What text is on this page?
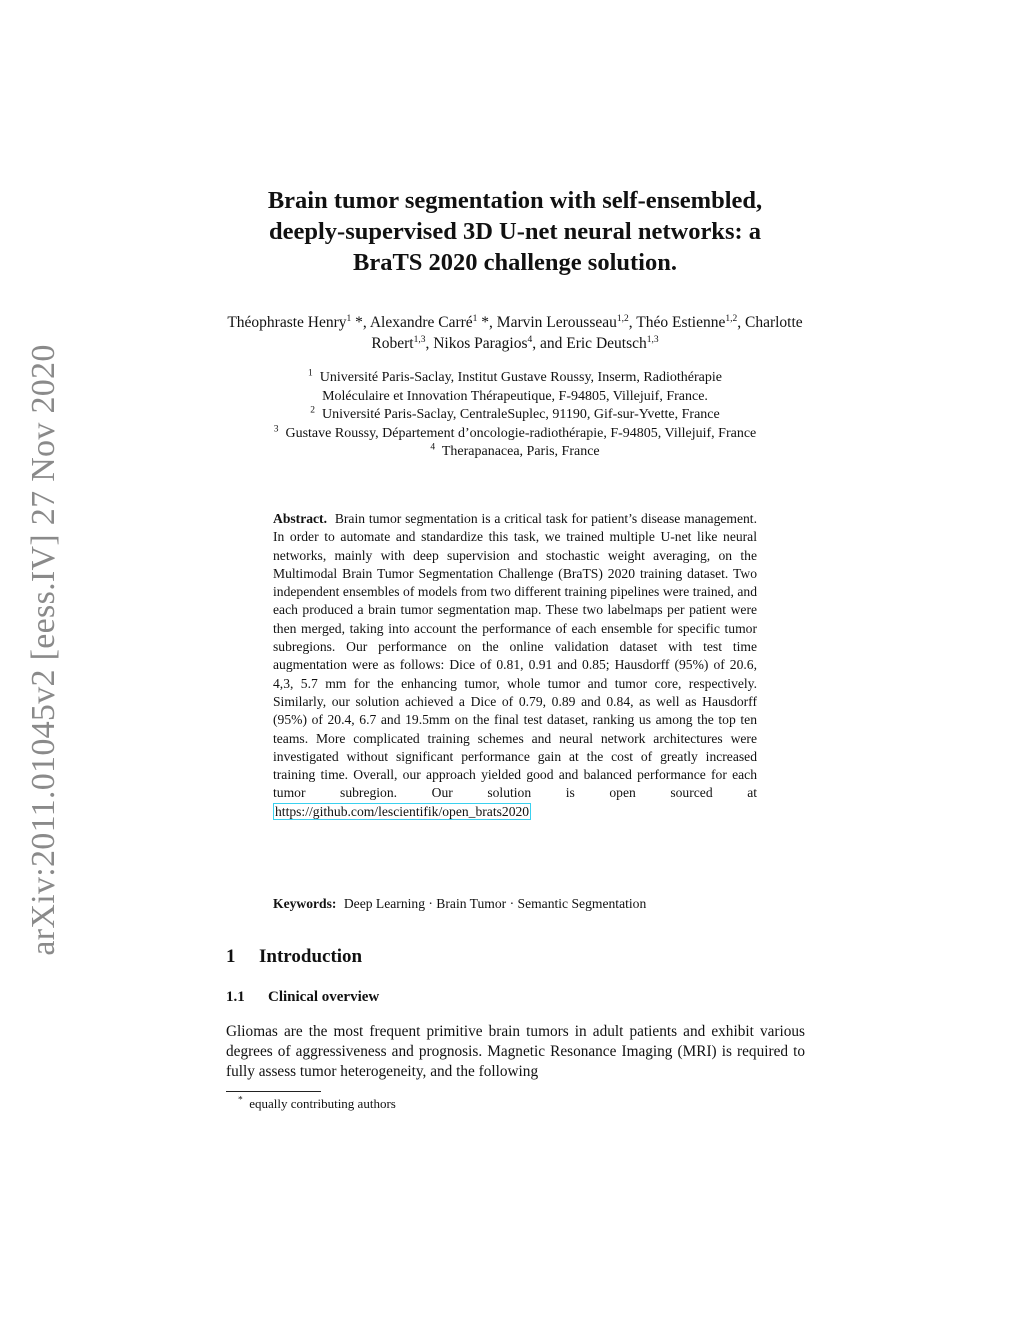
arXiv:2011.01045v2 [eess.IV] 27 Nov 2020
Brain tumor segmentation with self-ensembled,
deeply-supervised 3D U-net neural networks: a
BraTS 2020 challenge solution.
Théophraste Henry$^1$ *, Alexandre Carré$^1$ *, Marvin Lerousseau$^{1,2}$, Théo Estienne$^{1,2}$, Charlotte Robert$^{1,3}$, Nikos Paragios$^4$, and Eric Deutsch$^{1,3}$
$^1$ Université Paris-Saclay, Institut Gustave Roussy, Inserm, Radiothérapie
Moléculaire et Innovation Thérapeutique, F-94805, Villejuif, France.
$^2$ Université Paris-Saclay, CentraleSuplec, 91190, Gif-sur-Yvette, France
$^3$ Gustave Roussy, Département d’oncologie-radiothérapie, F-94805, Villejuif, France
$^4$ Therapanacea, Paris, France
Abstract. Brain tumor segmentation is a critical task for patient’s disease management. In order to automate and standardize this task, we trained multiple U-net like neural networks, mainly with deep supervision and stochastic weight averaging, on the Multimodal Brain Tumor Segmentation Challenge (BraTS) 2020 training dataset. Two independent ensembles of models from two different training pipelines were trained, and each produced a brain tumor segmentation map. These two labelmaps per patient were then merged, taking into account the performance of each ensemble for specific tumor subregions. Our performance on the online validation dataset with test time augmentation were as follows: Dice of 0.81, 0.91 and 0.85; Hausdorff (95%) of 20.6, 4,3, 5.7 mm for the enhancing tumor, whole tumor and tumor core, respectively. Similarly, our solution achieved a Dice of 0.79, 0.89 and 0.84, as well as Hausdorff (95%) of 20.4, 6.7 and 19.5mm on the final test dataset, ranking us among the top ten teams. More complicated training schemes and neural network architectures were investigated without significant performance gain at the cost of greatly increased training time. Overall, our approach yielded good and balanced performance for each tumor subregion. Our solution is open sourced at https://github.com/lescientifik/open_brats2020
Keywords: Deep Learning · Brain Tumor · Semantic Segmentation
1 Introduction
1.1 Clinical overview
Gliomas are the most frequent primitive brain tumors in adult patients and exhibit various degrees of aggressiveness and prognosis. Magnetic Resonance Imaging (MRI) is required to fully assess tumor heterogeneity, and the following
* equally contributing authors
